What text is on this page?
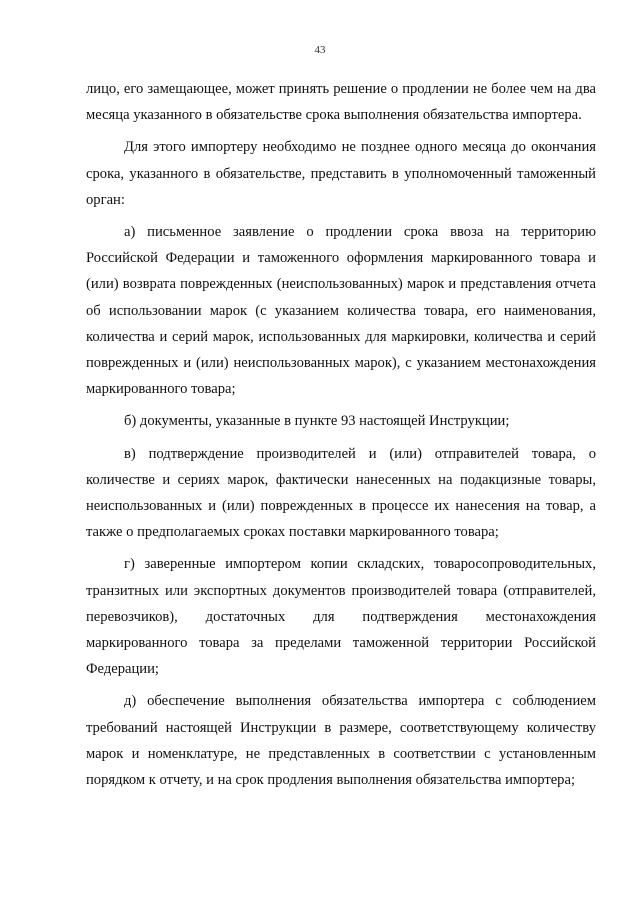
43

лицо, его замещающее, может принять решение о продлении не более чем на два месяца указанного в обязательстве срока выполнения обязательства импортера.

Для этого импортеру необходимо не позднее одного месяца до окончания срока, указанного в обязательстве, представить в уполномоченный таможенный орган:

а) письменное заявление о продлении срока ввоза на территорию Российской Федерации и таможенного оформления маркированного товара и (или) возврата поврежденных (неиспользованных) марок и представления отчета об использовании марок (с указанием количества товара, его наименования, количества и серий марок, использованных для маркировки, количества и серий поврежденных и (или) неиспользованных марок), с указанием местонахождения маркированного товара;

б) документы, указанные в пункте 93 настоящей Инструкции;

в) подтверждение производителей и (или) отправителей товара, о количестве и сериях марок, фактически нанесенных на подакцизные товары, неиспользованных и (или) поврежденных в процессе их нанесения на товар, а также о предполагаемых сроках поставки маркированного товара;

г) заверенные импортером копии складских, товаросопроводительных, транзитных или экспортных документов производителей товара (отправителей, перевозчиков), достаточных для подтверждения местонахождения маркированного товара за пределами таможенной территории Российской Федерации;

д) обеспечение выполнения обязательства импортера с соблюдением требований настоящей Инструкции в размере, соответствующему количеству марок и номенклатуре, не представленных в соответствии с установленным порядком к отчету, и на срок продления выполнения обязательства импортера;
